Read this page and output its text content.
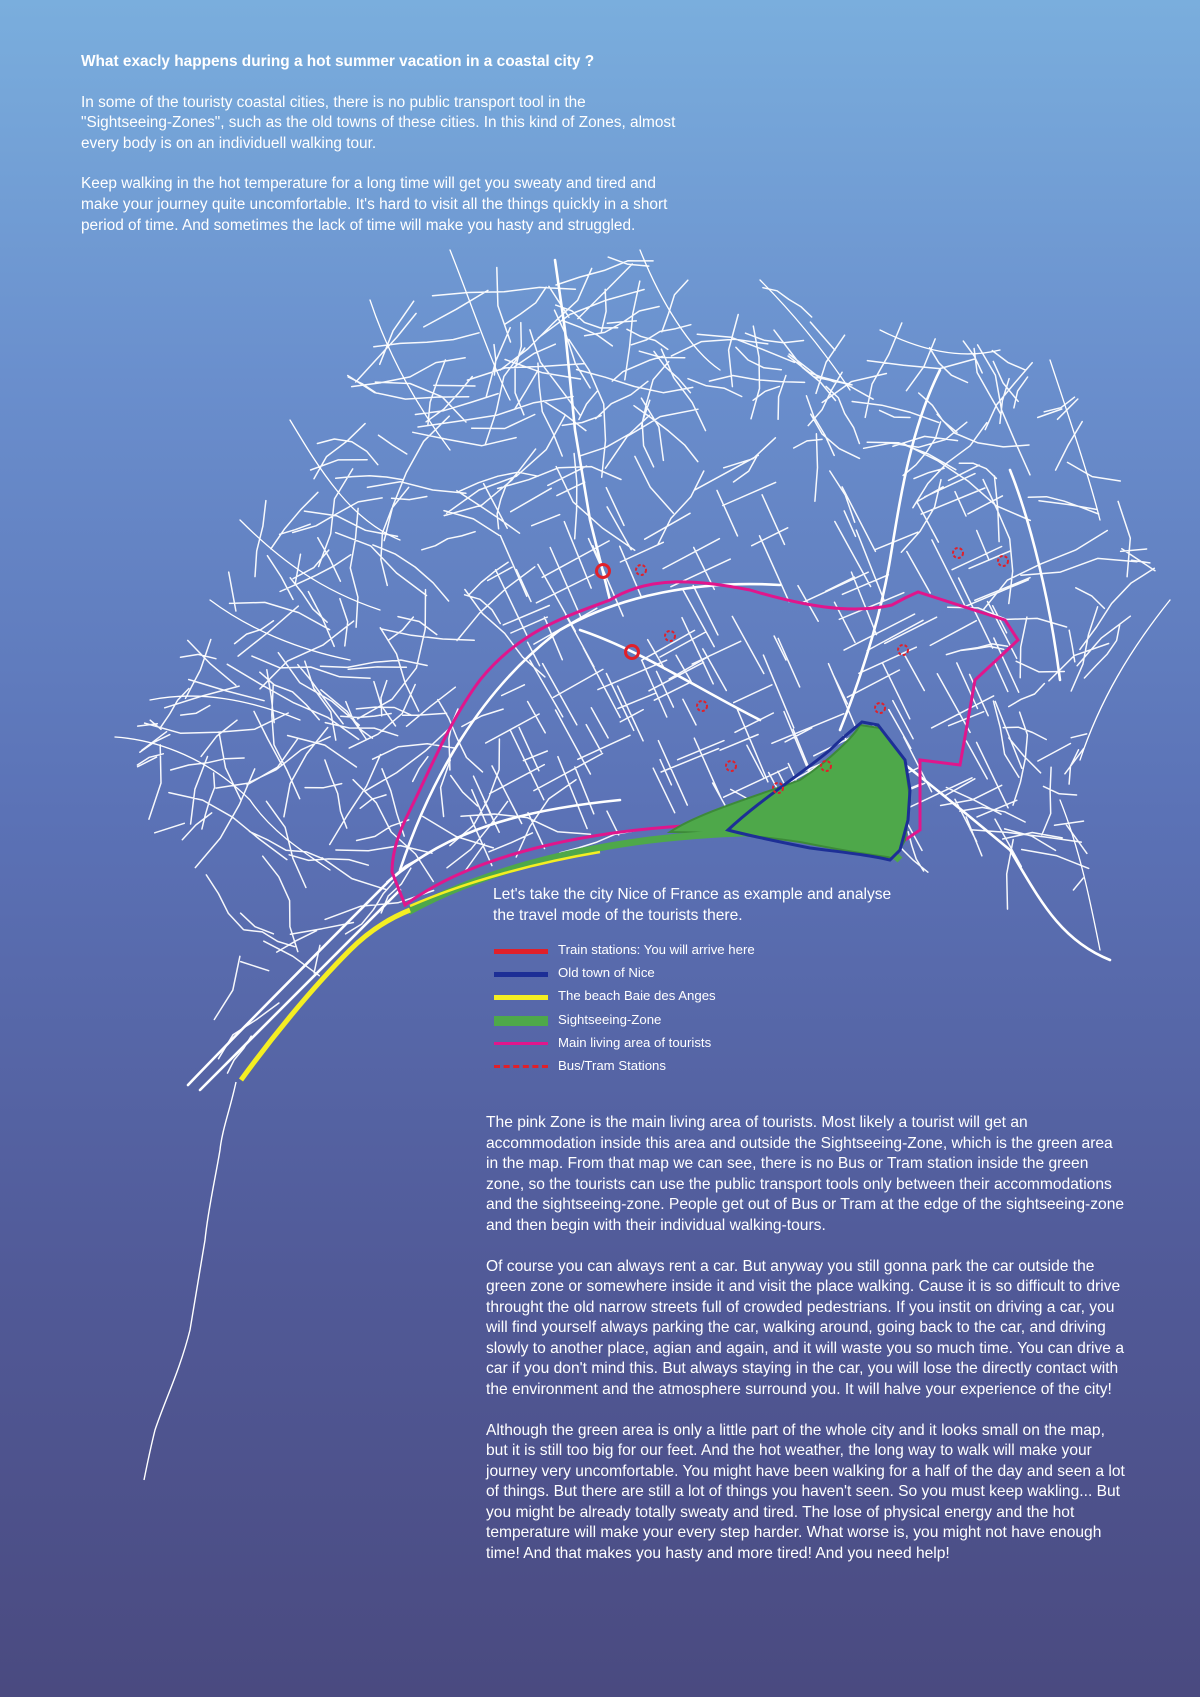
What exacly happens during a hot summer vacation in a coastal city ?

In some of the touristy coastal cities, there is no public transport tool in the "Sightseeing-Zones", such as the old towns of these cities. In this kind of Zones, almost every body is on an individuell walking tour.

Keep walking in the hot temperature for a long time will get you sweaty and tired and make your journey quite uncomfortable. It's hard to visit all the things quickly in a short period of time. And sometimes the lack of time will make you hasty and struggled.

Let's take the city Nice of France as example and analyse the travel mode of the tourists there.
Train stations: You will arrive here
Old town of Nice
The beach Baie des Anges
Sightseeing-Zone
Main living area of tourists
Bus/Tram Stations

The pink Zone is the main living area of tourists. Most likely a tourist will get an accommodation inside this area and outside the Sightseeing-Zone, which is the green area in the map. From that map we can see, there is no Bus or Tram station inside the green zone, so the tourists can use the public transport tools only between their accommodations and the sightseeing-zone. People get out of Bus or Tram at the edge of the sightseeing-zone and then begin with their individual walking-tours.

Of course you can always rent a car. But anyway you still gonna park the car outside the green zone or somewhere inside it and visit the place walking. Cause it is so difficult to drive throught the old narrow streets full of crowded pedestrians. If you instit on driving a car, you will find yourself always parking the car, walking around, going back to the car, and driving slowly to another place, agian and again, and it will waste you so much time. You can drive a car if you don't mind this. But always staying in the car, you will lose the directly contact with the environment and the atmosphere surround you. It will halve your experience of the city!

Although the green area is only a little part of the whole city and it looks small on the map, but it is still too big for our feet. And the hot weather, the long way to walk will make your journey very uncomfortable. You might have been walking for a half of the day and seen a lot of things. But there are still a lot of things you haven't seen. So you must keep wakling... But you might be already totally sweaty and tired. The lose of physical energy and the hot temperature will make your every step harder. What worse is, you might not have enough time! And that makes you hasty and more tired! And you need help!
